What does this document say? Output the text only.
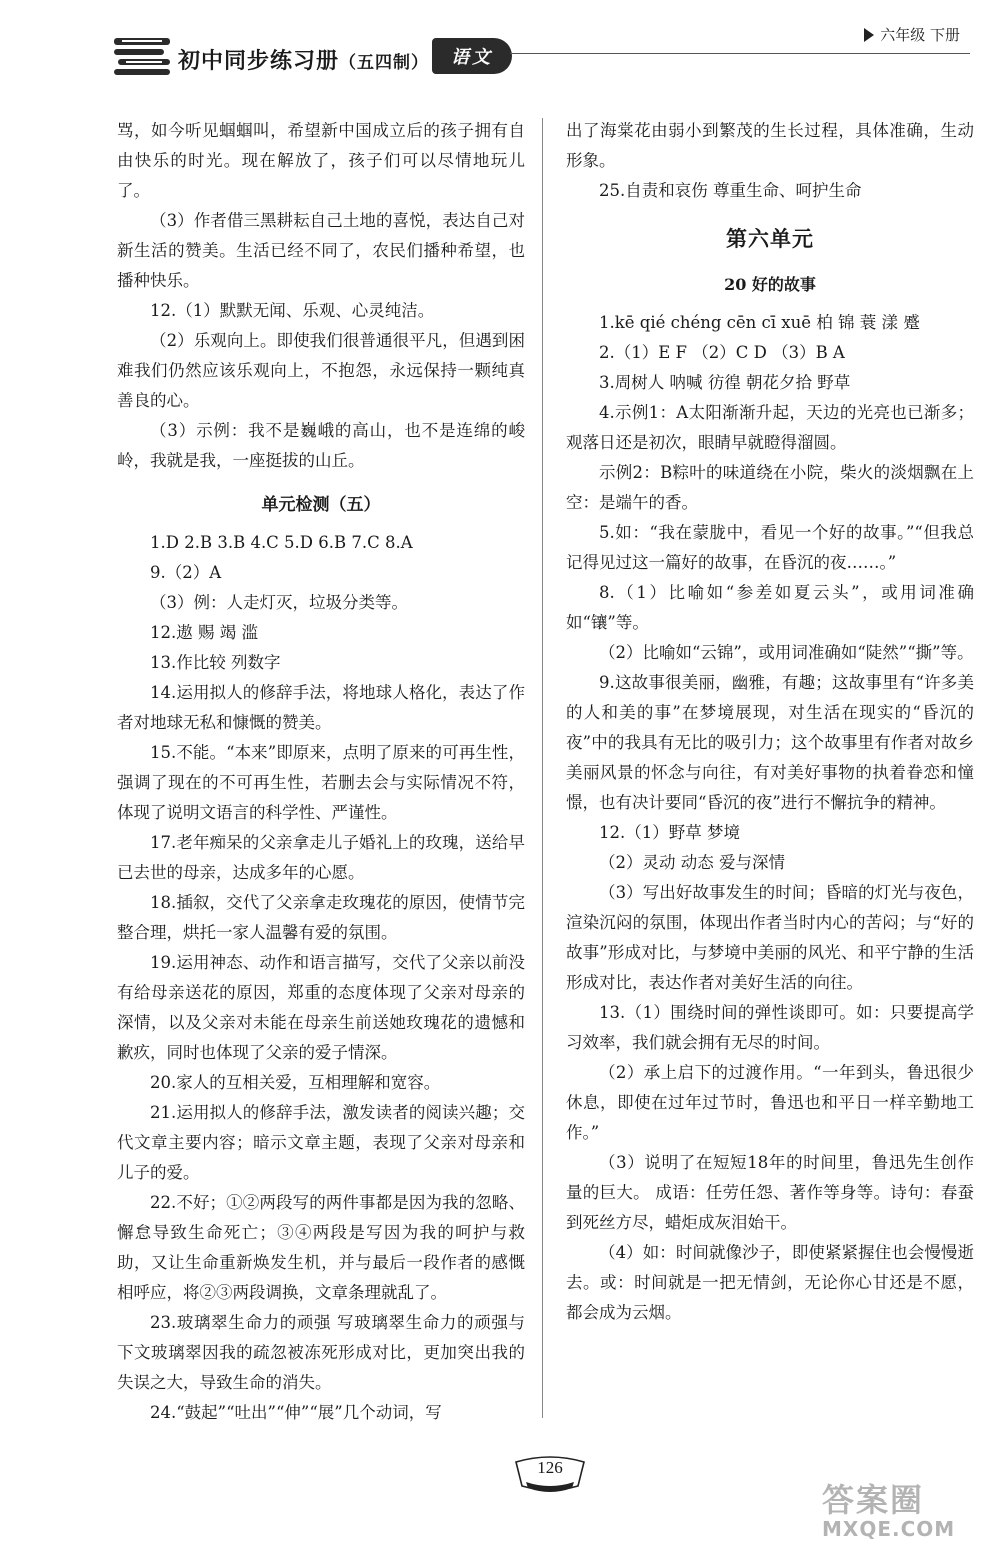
初中同步练习册（五四制）	语文
六年级 下册
骂，如今听见蝈蝈叫，希望新中国成立后的孩子拥有自由快乐的时光。现在解放了，孩子们可以尽情地玩儿了。
（3）作者借三黑耕耘自己土地的喜悦，表达自己对新生活的赞美。生活已经不同了，农民们播种希望，也播种快乐。
12.（1）默默无闻、乐观、心灵纯洁。
（2）乐观向上。即使我们很普通很平凡，但遇到困难我们仍然应该乐观向上，不抱怨，永远保持一颗纯真善良的心。
（3）示例：我不是巍峨的高山，也不是连绵的峻岭，我就是我，一座挺拔的山丘。
单元检测（五）
1.D 2.B 3.B 4.C 5.D 6.B 7.C 8.A
9.（2）A
（3）例：人走灯灭，垃圾分类等。
12.遨 赐 竭 滥
13.作比较 列数字
14.运用拟人的修辞手法，将地球人格化，表达了作者对地球无私和慷慨的赞美。
15.不能。“本来”即原来，点明了原来的可再生性，强调了现在的不可再生性，若删去会与实际情况不符，体现了说明文语言的科学性、严谨性。
17.老年痴呆的父亲拿走儿子婚礼上的玫瑰，送给早已去世的母亲，达成多年的心愿。
18.插叙，交代了父亲拿走玫瑰花的原因，使情节完整合理，烘托一家人温馨有爱的氛围。
19.运用神态、动作和语言描写，交代了父亲以前没有给母亲送花的原因，郑重的态度体现了父亲对母亲的深情，以及父亲对未能在母亲生前送她玫瑰花的遗憾和歉疚，同时也体现了父亲的爱子情深。
20.家人的互相关爱，互相理解和宽容。
21.运用拟人的修辞手法，激发读者的阅读兴趣；交代文章主要内容；暗示文章主题，表现了父亲对母亲和儿子的爱。
22.不好；①②两段写的两件事都是因为我的忽略、懈怠导致生命死亡；③④两段是写因为我的呵护与救助，又让生命重新焕发生机，并与最后一段作者的感慨相呼应，将②③两段调换，文章条理就乱了。
23.玻璃翠生命力的顽强 写玻璃翠生命力的顽强与下文玻璃翠因我的疏忽被冻死形成对比，更加突出我的失误之大，导致生命的消失。
24.“鼓起”“吐出”“伸”“展”几个动词，写
出了海棠花由弱小到繁茂的生长过程，具体准确，生动形象。
25.自责和哀伤 尊重生命、呵护生命
第六单元
20 好的故事
1.kē qié chéng cēn cī xuē 柏 锦 蓑 漾 蹙
2.（1）E F （2）C D （3）B A
3.周树人 呐喊 彷徨 朝花夕拾 野草
4.示例1：A太阳渐渐升起，天边的光亮也已渐多；观落日还是初次，眼睛早就瞪得溜圆。
示例2：B粽叶的味道绕在小院，柴火的淡烟飘在上空：是端午的香。
5.如：“我在蒙胧中，看见一个好的故事。”“但我总记得见过这一篇好的故事，在昏沉的夜……。”
8.（1）比喻如“参差如夏云头”，或用词准确如“镶”等。
（2）比喻如“云锦”，或用词准确如“陡然”“撕”等。
9.这故事很美丽，幽雅，有趣；这故事里有“许多美的人和美的事”在梦境展现，对生活在现实的“昏沉的夜”中的我具有无比的吸引力；这个故事里有作者对故乡美丽风景的怀念与向往，有对美好事物的执着眷恋和憧憬，也有决计要同“昏沉的夜”进行不懈抗争的精神。
12.（1）野草 梦境
（2）灵动 动态 爱与深情
（3）写出好故事发生的时间；昏暗的灯光与夜色，渲染沉闷的氛围，体现出作者当时内心的苦闷；与“好的故事”形成对比，与梦境中美丽的风光、和平宁静的生活形成对比，表达作者对美好生活的向往。
13.（1）围绕时间的弹性谈即可。如：只要提高学习效率，我们就会拥有无尽的时间。
（2）承上启下的过渡作用。“一年到头，鲁迅很少休息，即使在过年过节时，鲁迅也和平日一样辛勤地工作。”
（3）说明了在短短18年的时间里，鲁迅先生创作量的巨大。 成语：任劳任怨、著作等身等。诗句：春蚕到死丝方尽，蜡炬成灰泪始干。
（4）如：时间就像沙子，即使紧紧握住也会慢慢逝去。或：时间就是一把无情剑，无论你心甘还是不愿，都会成为云烟。
126
答案圈
MXQE.COM
